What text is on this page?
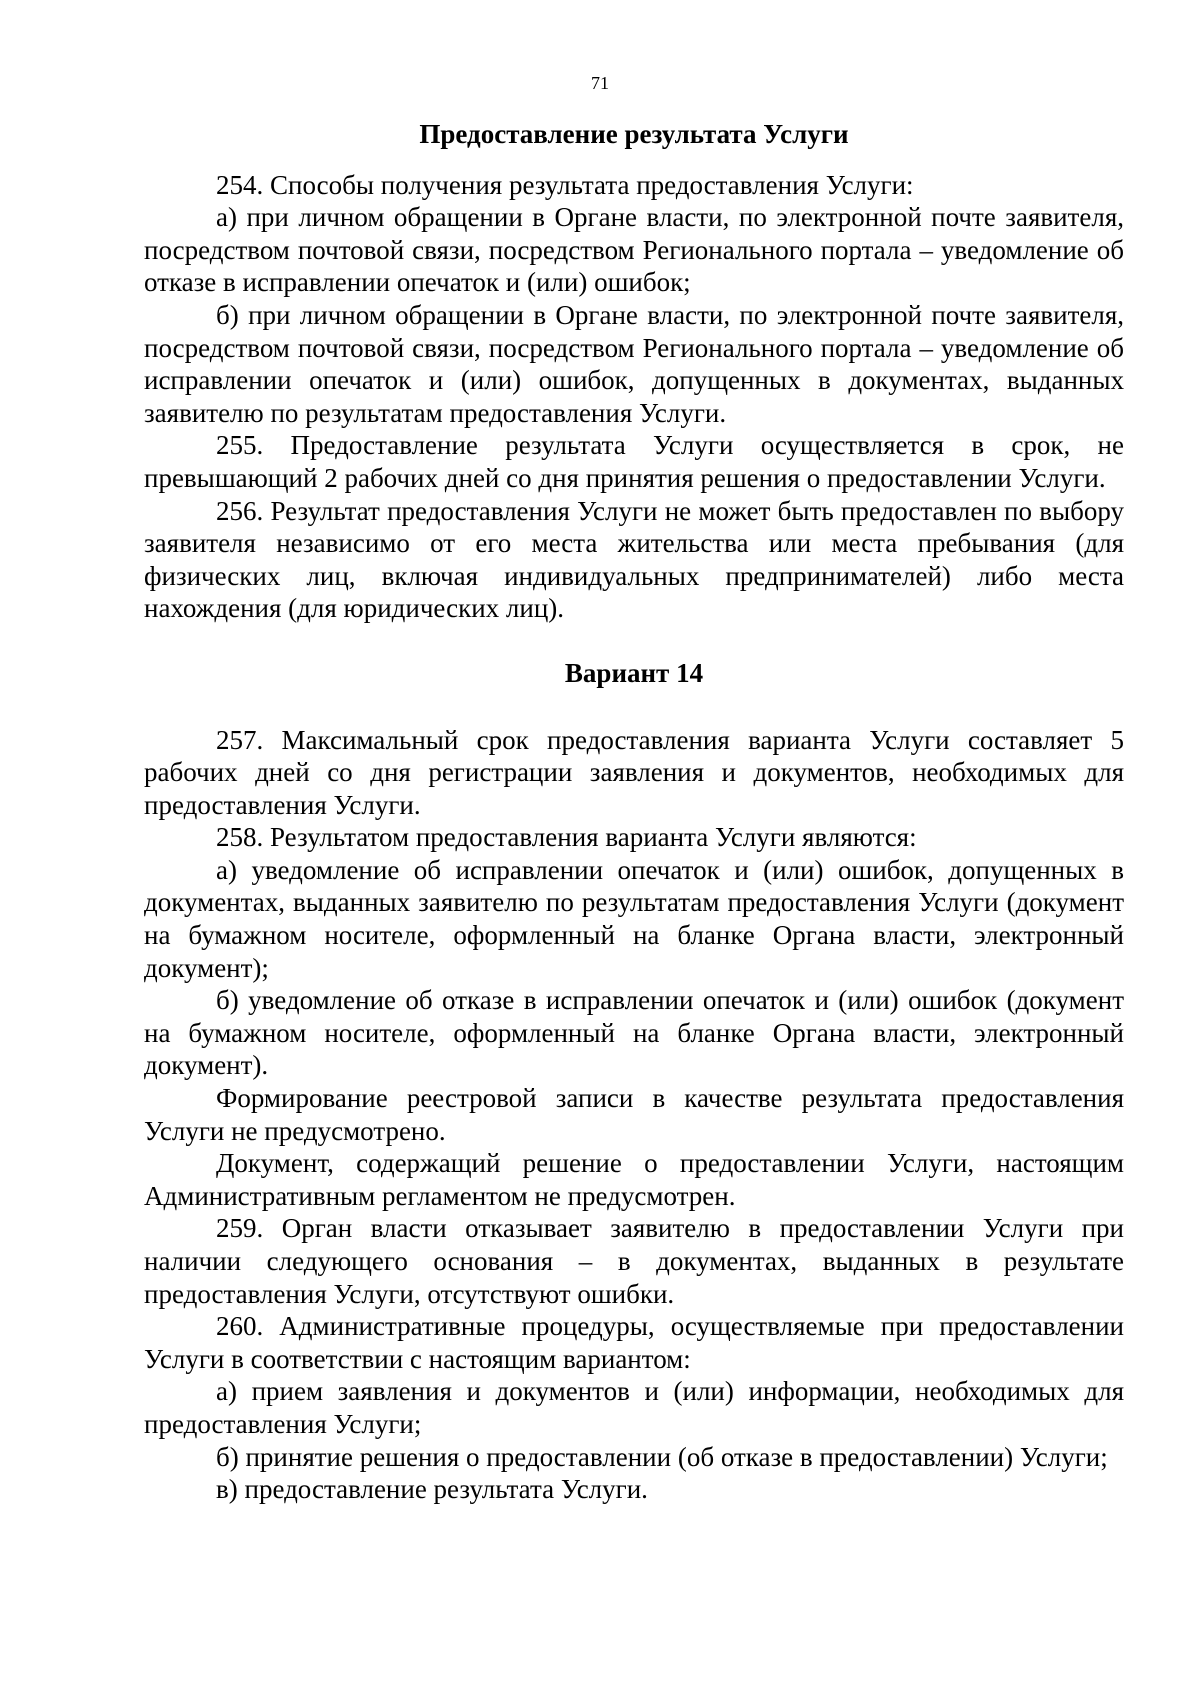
71

Предоставление результата Услуги

254. Способы получения результата предоставления Услуги:

а) при личном обращении в Органе власти, по электронной почте заявителя, посредством почтовой связи, посредством Регионального портала – уведомление об отказе в исправлении опечаток и (или) ошибок;

б) при личном обращении в Органе власти, по электронной почте заявителя, посредством почтовой связи, посредством Регионального портала – уведомление об исправлении опечаток и (или) ошибок, допущенных в документах, выданных заявителю по результатам предоставления Услуги.

255. Предоставление результата Услуги осуществляется в срок, не превышающий 2 рабочих дней со дня принятия решения о предоставлении Услуги.

256. Результат предоставления Услуги не может быть предоставлен по выбору заявителя независимо от его места жительства или места пребывания (для физических лиц, включая индивидуальных предпринимателей) либо места нахождения (для юридических лиц).

Вариант 14

257. Максимальный срок предоставления варианта Услуги составляет 5 рабочих дней со дня регистрации заявления и документов, необходимых для предоставления Услуги.

258. Результатом предоставления варианта Услуги являются:

а) уведомление об исправлении опечаток и (или) ошибок, допущенных в документах, выданных заявителю по результатам предоставления Услуги (документ на бумажном носителе, оформленный на бланке Органа власти, электронный документ);

б) уведомление об отказе в исправлении опечаток и (или) ошибок (документ на бумажном носителе, оформленный на бланке Органа власти, электронный документ).

Формирование реестровой записи в качестве результата предоставления Услуги не предусмотрено.

Документ, содержащий решение о предоставлении Услуги, настоящим Административным регламентом не предусмотрен.

259. Орган власти отказывает заявителю в предоставлении Услуги при наличии следующего основания – в документах, выданных в результате предоставления Услуги, отсутствуют ошибки.

260. Административные процедуры, осуществляемые при предоставлении Услуги в соответствии с настоящим вариантом:

а) прием заявления и документов и (или) информации, необходимых для предоставления Услуги;

б) принятие решения о предоставлении (об отказе в предоставлении) Услуги;

в) предоставление результата Услуги.
